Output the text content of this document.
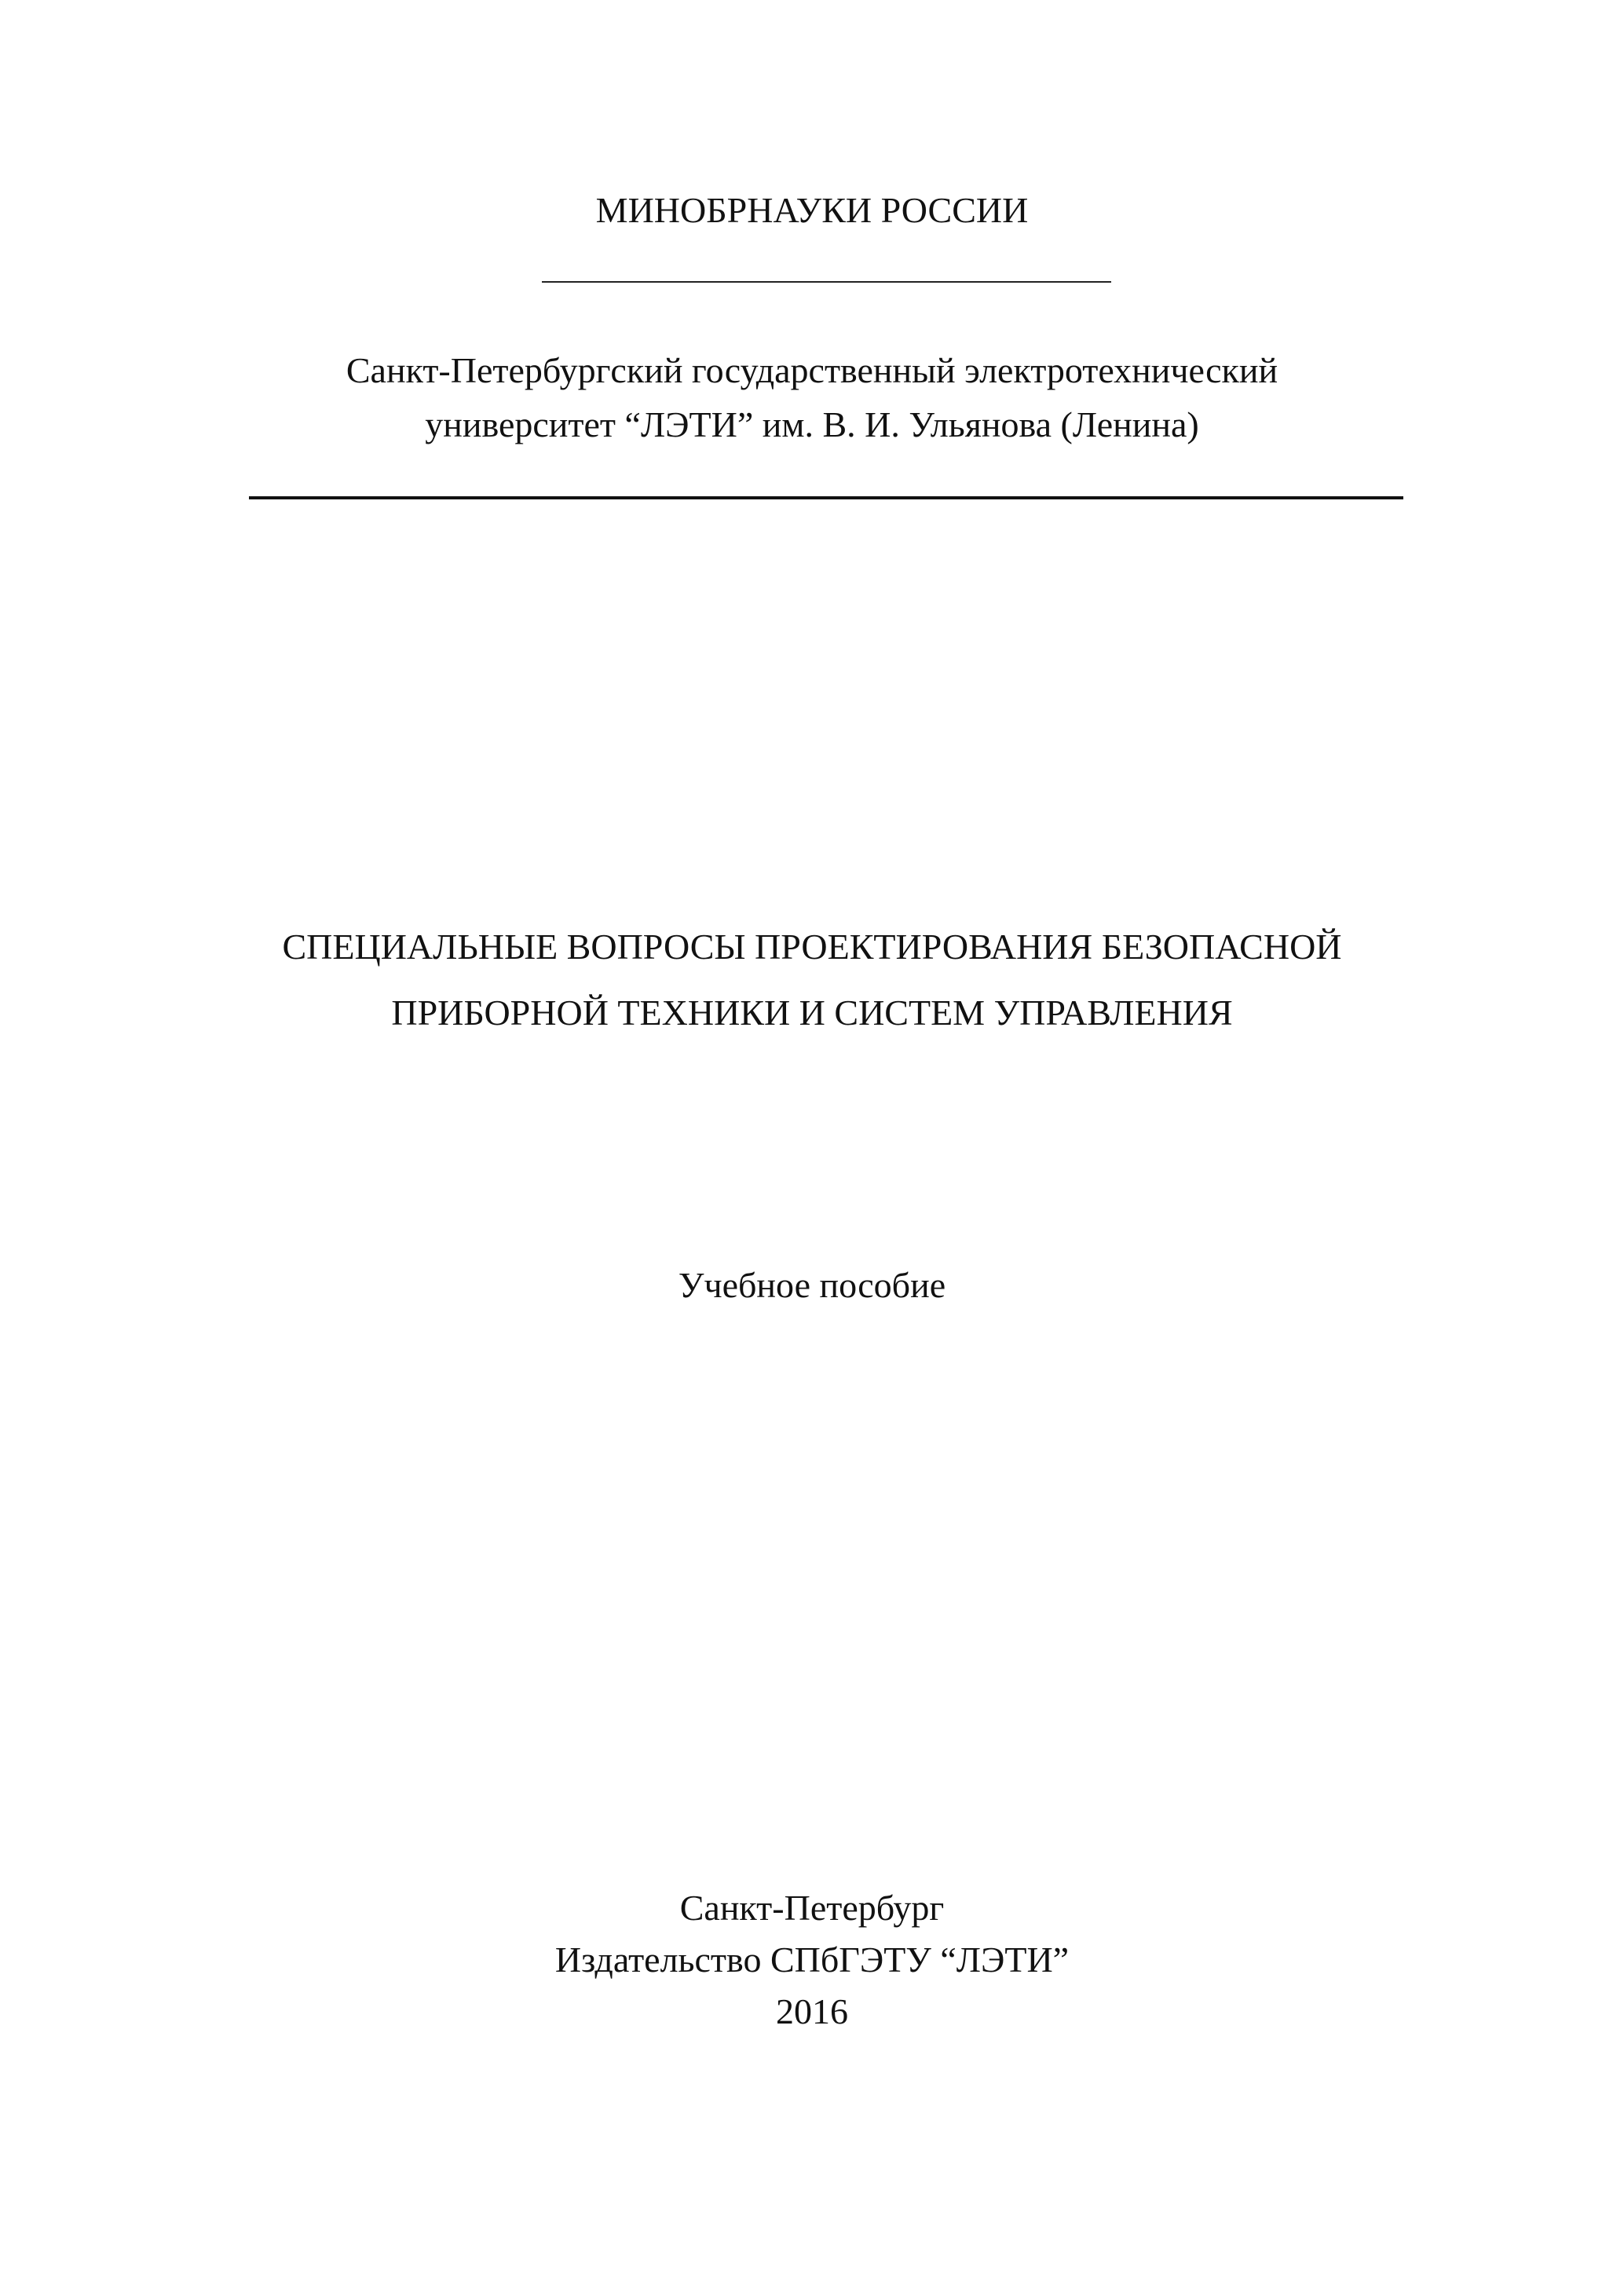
МИНОБРНАУКИ РОССИИ
Санкт-Петербургский государственный электротехнический
университет “ЛЭТИ” им. В. И. Ульянова (Ленина)
СПЕЦИАЛЬНЫЕ ВОПРОСЫ ПРОЕКТИРОВАНИЯ БЕЗОПАСНОЙ
ПРИБОРНОЙ ТЕХНИКИ И СИСТЕМ УПРАВЛЕНИЯ
Учебное пособие
Санкт-Петербург
Издательство СПбГЭТУ “ЛЭТИ”
2016
